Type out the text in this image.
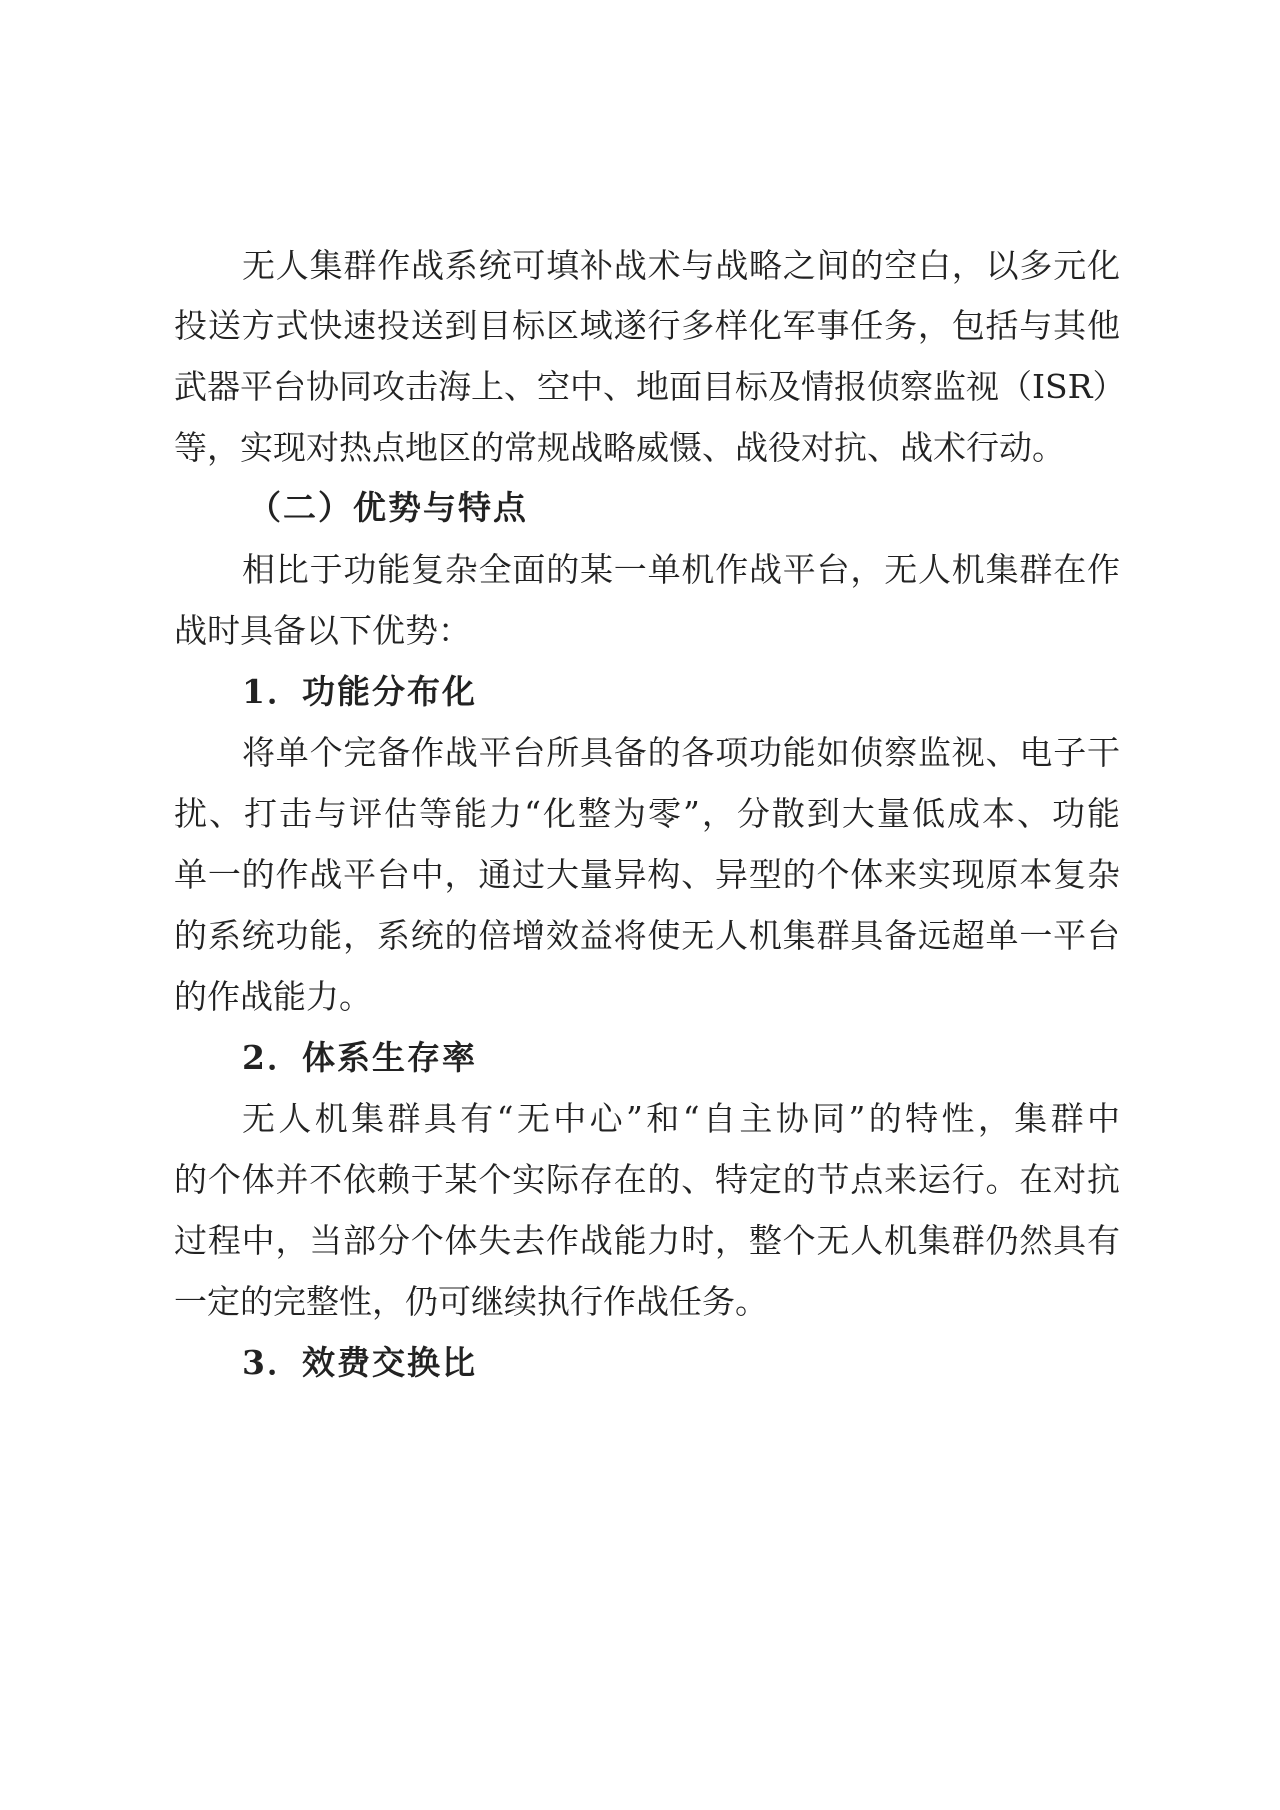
无人集群作战系统可填补战术与战略之间的空白，以多元化
投送方式快速投送到目标区域遂行多样化军事任务，包括与其他
武器平台协同攻击海上、空中、地面目标及情报侦察监视（ISR）
等，实现对热点地区的常规战略威慑、战役对抗、战术行动。
（二）优势与特点
相比于功能复杂全面的某一单机作战平台，无人机集群在作
战时具备以下优势：
1．功能分布化
将单个完备作战平台所具备的各项功能如侦察监视、电子干
扰、打击与评估等能力“化整为零”，分散到大量低成本、功能
单一的作战平台中，通过大量异构、异型的个体来实现原本复杂
的系统功能，系统的倍增效益将使无人机集群具备远超单一平台
的作战能力。
2．体系生存率
无人机集群具有“无中心”和“自主协同”的特性，集群中
的个体并不依赖于某个实际存在的、特定的节点来运行。在对抗
过程中，当部分个体失去作战能力时，整个无人机集群仍然具有
一定的完整性，仍可继续执行作战任务。
3．效费交换比
